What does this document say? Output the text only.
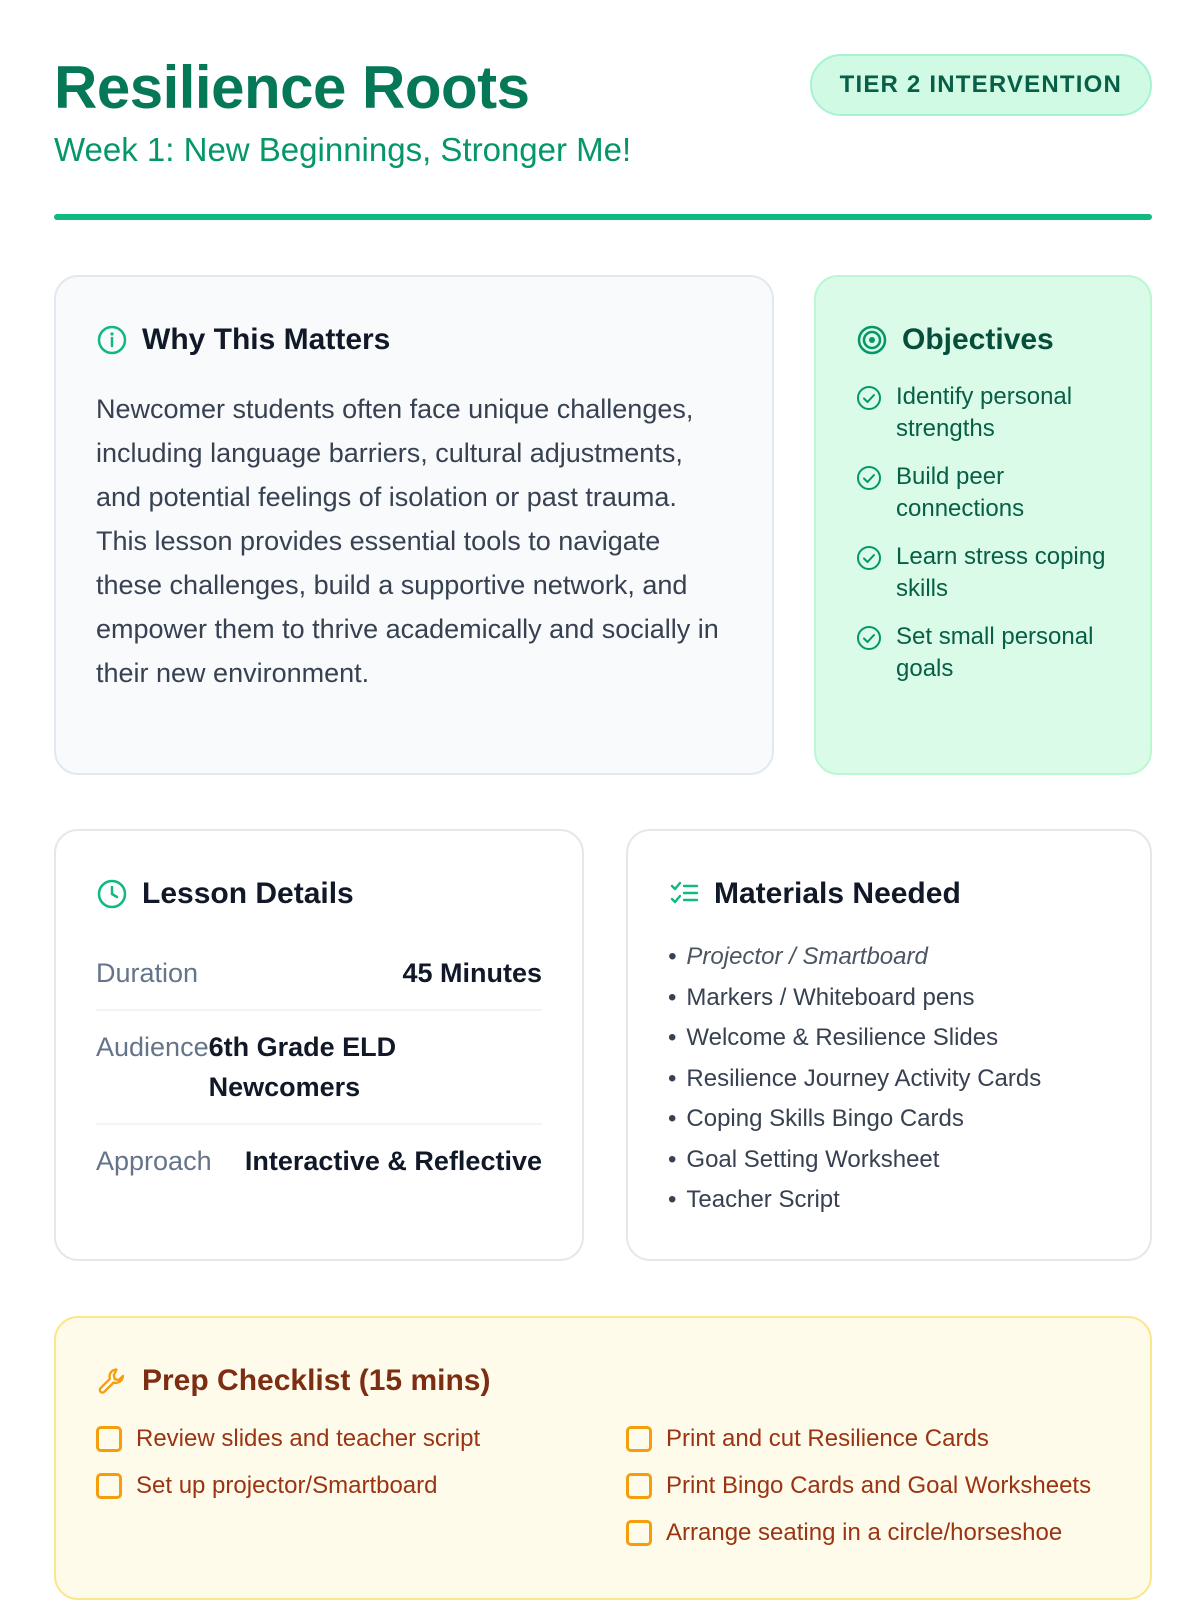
Resilience Roots
Week 1: New Beginnings, Stronger Me!
TIER 2 INTERVENTION
Why This Matters

Newcomer students often face unique challenges, including language barriers, cultural adjustments, and potential feelings of isolation or past trauma. This lesson provides essential tools to navigate these challenges, build a supportive network, and empower them to thrive academically and socially in their new environment.

Objectives
Identify personal strengths
Build peer connections
Learn stress coping skills
Set small personal goals
Lesson Details
Duration	45 Minutes
Audience 6th Grade ELD Newcomers
Approach Interactive & Reflective
Materials Needed
• Projector / Smartboard
• Markers / Whiteboard pens
• Welcome & Resilience Slides
• Resilience Journey Activity Cards
• Coping Skills Bingo Cards
• Goal Setting Worksheet
• Teacher Script
Prep Checklist (15 mins)
Review slides and teacher script
Set up projector/Smartboard
Print and cut Resilience Cards
Print Bingo Cards and Goal Worksheets
Arrange seating in a circle/horseshoe
